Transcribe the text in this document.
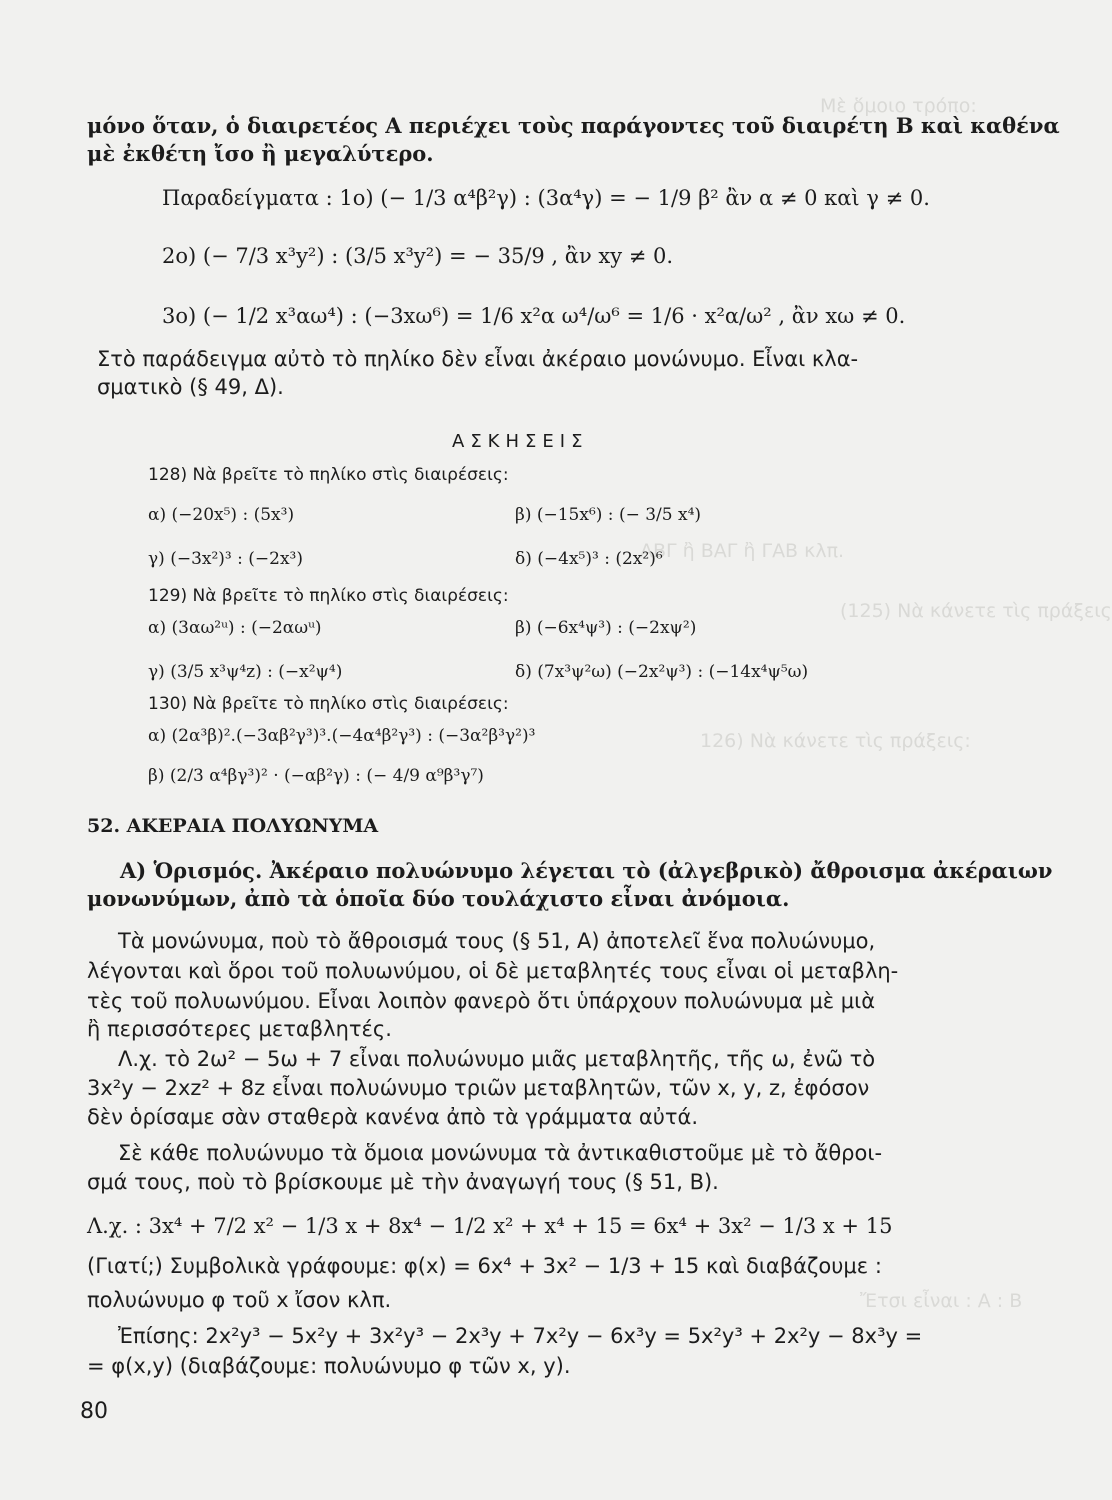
Μὲ ὅμοιο τρόπο:
ΑΒΓ ἢ ΒΑΓ ἢ ΓΑΒ κλπ.
(125) Νὰ κάνετε τὶς πράξεις
126) Νὰ κάνετε τὶς πράξεις:
Ἔτσι εἶναι : Α : Β
μόνο ὅταν, ὁ διαιρετέος Α περιέχει τοὺς παράγοντες τοῦ διαιρέτη Β καὶ καθένα
μὲ ἐκθέτη ἴσο ἢ μεγαλύτερο.
Παραδείγματα : 1ο) (− 1/3 α⁴β²γ) : (3α⁴γ) = − 1/9 β² ἂν α ≠ 0 καὶ γ ≠ 0.
2ο) (− 7/3 x³y²) : (3/5 x³y²) = − 35/9 , ἂν xy ≠ 0.
3ο) (− 1/2 x³αω⁴) : (−3xω⁶) = 1/6 x²α ω⁴/ω⁶ = 1/6 · x²α/ω² , ἂν xω ≠ 0.
Στὸ παράδειγμα αὐτὸ τὸ πηλίκο δὲν εἶναι ἀκέραιο μονώνυμο. Εἶναι κλα-
σματικὸ (§ 49, Δ).
ΑΣΚΗΣΕΙΣ
128) Νὰ βρεῖτε τὸ πηλίκο στὶς διαιρέσεις:
α) (−20x⁵) : (5x³)	β) (−15x⁶) : (− 3/5 x⁴)
γ) (−3x²)³ : (−2x³)	δ) (−4x⁵)³ : (2x²)⁶
129) Νὰ βρεῖτε τὸ πηλίκο στὶς διαιρέσεις:
α) (3αω²ᵘ) : (−2αωᵘ)	β) (−6x⁴ψ³) : (−2xψ²)
γ) (3/5 x³ψ⁴z) : (−x²ψ⁴)	δ) (7x³ψ²ω) (−2x²ψ³) : (−14x⁴ψ⁵ω)
130) Νὰ βρεῖτε τὸ πηλίκο στὶς διαιρέσεις:
α) (2α³β)².(−3αβ²γ³)³.(−4α⁴β²γ³) : (−3α²β³γ²)³
β) (2/3 α⁴βγ³)² · (−αβ²γ) : (− 4/9 α⁹β³γ⁷)
52. ΑΚΕΡΑΙΑ ΠΟΛΥΩΝΥΜΑ
Α) Ὁρισμός. Ἀκέραιο πολυώνυμο λέγεται τὸ (ἀλγεβρικὸ) ἄθροισμα ἀκέραιων
μονωνύμων, ἀπὸ τὰ ὁποῖα δύο τουλάχιστο εἶναι ἀνόμοια.
Τὰ μονώνυμα, ποὺ τὸ ἄθροισμά τους (§ 51, Α) ἀποτελεῖ ἕνα πολυώνυμο,
λέγονται καὶ ὅροι τοῦ πολυωνύμου, οἱ δὲ μεταβλητές τους εἶναι οἱ μεταβλη-
τὲς τοῦ πολυωνύμου. Εἶναι λοιπὸν φανερὸ ὅτι ὑπάρχουν πολυώνυμα μὲ μιὰ
ἢ περισσότερες μεταβλητές.
Λ.χ. τὸ 2ω² − 5ω + 7 εἶναι πολυώνυμο μιᾶς μεταβλητῆς, τῆς ω, ἐνῶ τὸ
3x²y − 2xz² + 8z εἶναι πολυώνυμο τριῶν μεταβλητῶν, τῶν x, y, z, ἐφόσον
δὲν ὁρίσαμε σὰν σταθερὰ κανένα ἀπὸ τὰ γράμματα αὐτά.
Σὲ κάθε πολυώνυμο τὰ ὅμοια μονώνυμα τὰ ἀντικαθιστοῦμε μὲ τὸ ἄθροι-
σμά τους, ποὺ τὸ βρίσκουμε μὲ τὴν ἀναγωγή τους (§ 51, Β).
Λ.χ. : 3x⁴ + 7/2 x² − 1/3 x + 8x⁴ − 1/2 x² + x⁴ + 15 = 6x⁴ + 3x² − 1/3 x + 15
(Γιατί;) Συμβολικὰ γράφουμε: φ(x) = 6x⁴ + 3x² − 1/3 + 15 καὶ διαβάζουμε :
πολυώνυμο φ τοῦ x ἴσον κλπ.
Ἐπίσης: 2x²y³ − 5x²y + 3x²y³ − 2x³y + 7x²y − 6x³y = 5x²y³ + 2x²y − 8x³y =
= φ(x,y) (διαβάζουμε: πολυώνυμο φ τῶν x, y).
80
